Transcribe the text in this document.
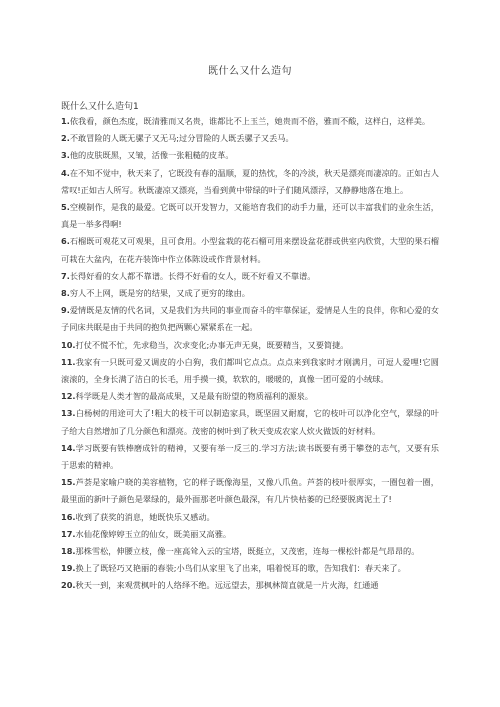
既什么又什么造句
既什么又什么造句1

1.依我看，颜色杰度，既清雅而又名贵，谁都比不上玉兰，她贵而不俗，雅而不酸，这样白，这样美。

2.不敢冒险的人既无骡子又无马;过分冒险的人既丢骡子又丢马。

3.他的皮肤既黑，又皱，活像一张粗糙的皮革。

4.在不知不觉中，秋天来了，它既没有春的温顺，夏的热忱，冬的冷淡，秋天是漂亮而凄凉的。正如古人常叹!正如古人所写。秋既凄凉又漂亮，当看到黄中带绿的叶子们随风漂浮，又静静地落在地上。

5.空模制作，是我的最爱。它既可以开发智力，又能培育我们的动手力量，还可以丰富我们的业余生活，真是一举多得啊!

6.石榴既可观花又可观果，且可食用。小型盆栽的花石榴可用来摆设盆花群或供室内欣赏，大型的果石榴可栽在大盆内，在花卉装饰中作立体陈设或作背景材料。

7.长得好看的女人都不靠谱。长得不好看的女人，既不好看又不靠谱。

8.穷人不上网，既是穷的结果，又成了更穷的缘由。

9.爱情既是友情的代名词，又是我们为共同的事业而奋斗的牢靠保证，爱情是人生的良伴，你和心爱的女子同床共眠是由于共同的抱负把两颗心紧紧系在一起。

10.打仗不慌不忙，先求稳当，次求变化;办事无声无臭，既要精当，又要简捷。

11.我家有一只既可爱又调皮的小白狗，我们都叫它点点。点点来到我家时才刚满月，可逗人爱哩!它圆滚滚的，全身长满了洁白的长毛，用手摸一摸，软软的，暖暖的，真像一团可爱的小绒球。

12.科学既是人类才智的最高成果，又是最有盼望的物质福利的源泉。

13.白杨树的用途可大了!粗大的枝干可以制造家具，既坚固又耐腐，它的枝叶可以净化空气，翠绿的叶子给大自然增加了几分颜色和漂亮。茂密的树叶到了秋天变成农家人炊火做饭的好材料。

14.学习既要有铁棒磨成针的精神，又要有举一反三的.学习方法;读书既要有勇于攀登的志气，又要有乐于思索的精神。

15.芦荟是家喻户晓的美容植物，它的样子既像海星，又像八爪鱼。芦荟的枝叶很厚实，一圈包着一圈，最里面的新叶子颜色是翠绿的，最外面那老叶颜色最深，有几片快枯萎的已经要脱离泥土了!

16.收到了获奖的消息，她既快乐又感动。

17.水仙花像婷婷玉立的仙女，既美丽又高雅。

18.那株雪松，伸腰立枝，像一座高耸入云的宝塔，既挺立，又茂密，连每一棵松针都是气昂昂的。

19.换上了既轻巧又艳丽的春装;小鸟们从家里飞了出来，唱着悦耳的歌，告知我们：春天来了。

20.秋天一到，来观赏枫叶的人络绎不绝。远远望去，那枫林简直就是一片火海，红通通
